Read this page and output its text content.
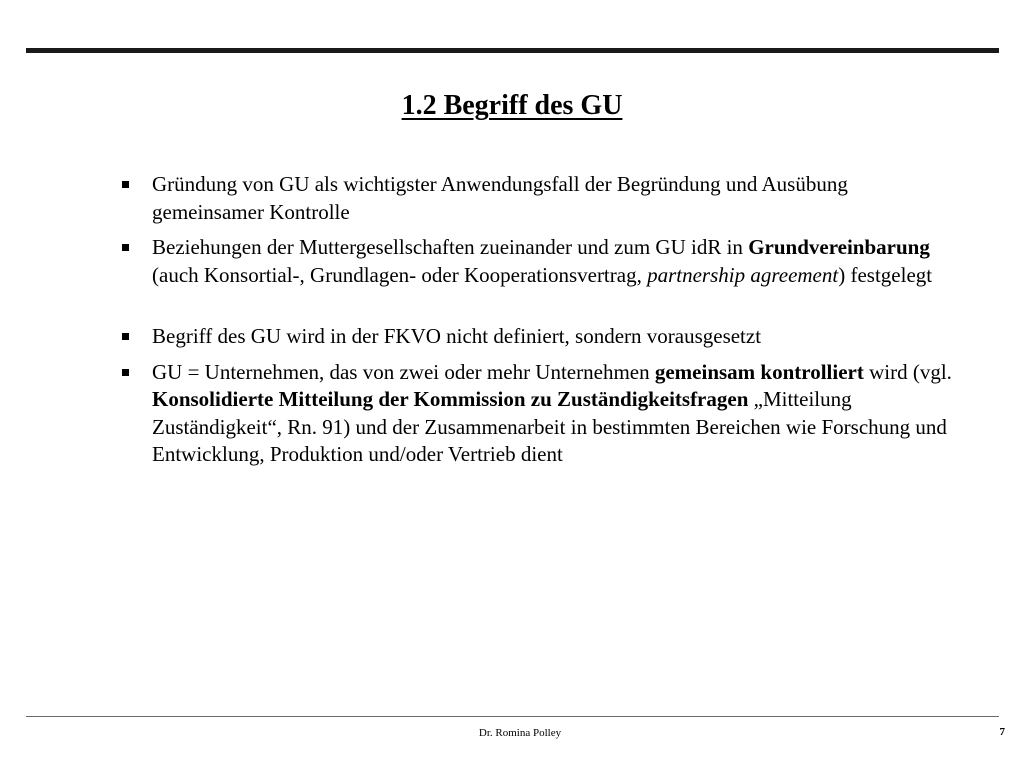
1.2 Begriff des GU
Gründung von GU als wichtigster Anwendungsfall der Begründung und Ausübung gemeinsamer Kontrolle
Beziehungen der Muttergesellschaften zueinander und zum GU idR in Grundvereinbarung (auch Konsortial-, Grundlagen- oder Kooperationsvertrag, partnership agreement) festgelegt
Begriff des GU wird in der FKVO nicht definiert, sondern vorausgesetzt
GU = Unternehmen, das von zwei oder mehr Unternehmen gemeinsam kontrolliert wird (vgl. Konsolidierte Mitteilung der Kommission zu Zuständigkeitsfragen „Mitteilung Zuständigkeit“, Rn. 91) und der Zusammenarbeit in bestimmten Bereichen wie Forschung und Entwicklung, Produktion und/oder Vertrieb dient
Dr. Romina Polley	7
